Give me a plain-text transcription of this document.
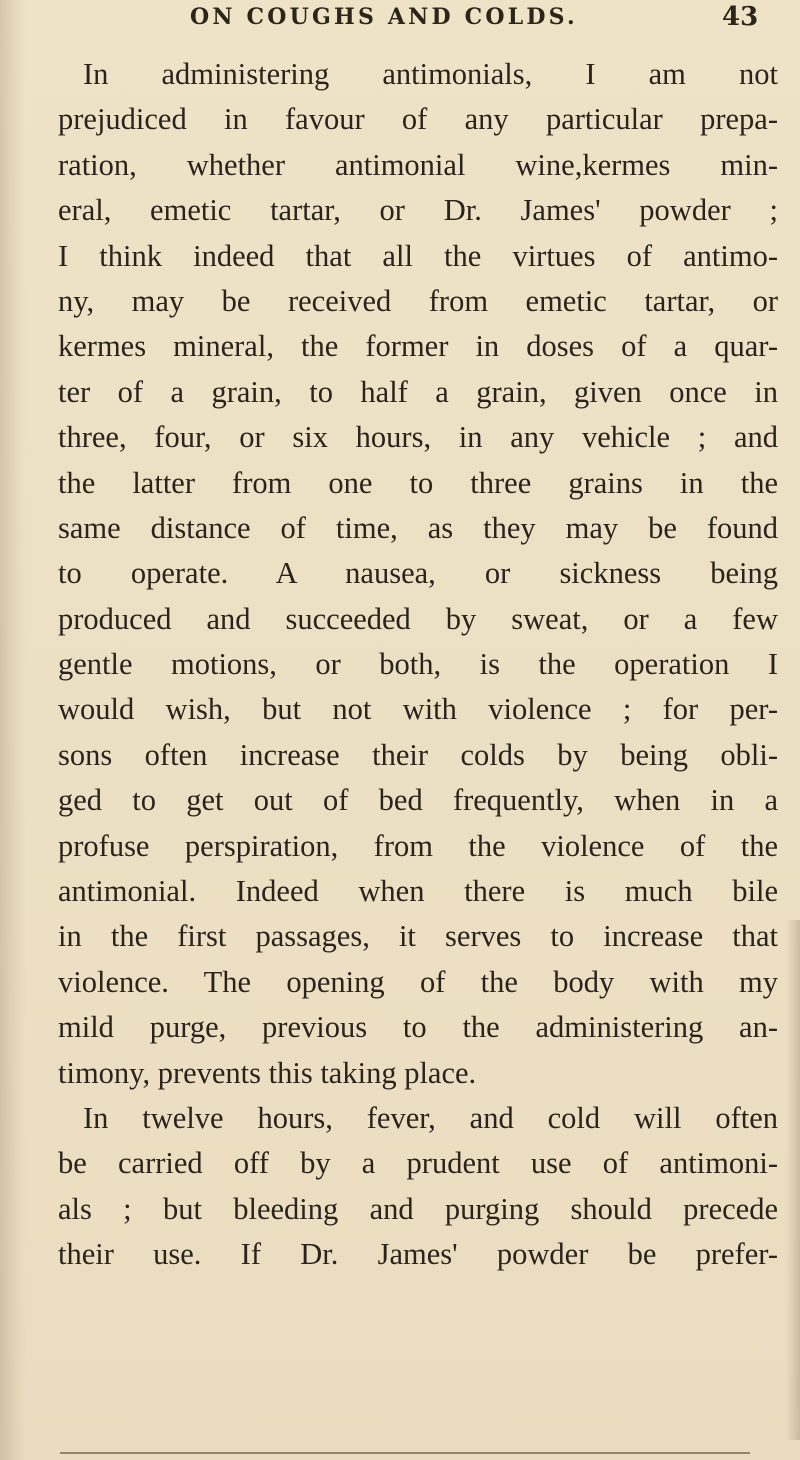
ON COUGHS AND COLDS.	43
In administering antimonials, I am not
prejudiced in favour of any particular prepa-
ration, whether antimonial wine,kermes min-
eral, emetic tartar, or Dr. James' powder ;
I think indeed that all the virtues of antimo-
ny, may be received from emetic tartar, or
kermes mineral, the former in doses of a quar-
ter of a grain, to half a grain, given once in
three, four, or six hours, in any vehicle ; and
the latter from one to three grains in the
same distance of time, as they may be found
to operate. A nausea, or sickness being
produced and succeeded by sweat, or a few
gentle motions, or both, is the operation I
would wish, but not with violence ; for per-
sons often increase their colds by being obli-
ged to get out of bed frequently, when in a
profuse perspiration, from the violence of the
antimonial. Indeed when there is much bile
in the first passages, it serves to increase that
violence. The opening of the body with my
mild purge, previous to the administering an-
timony, prevents this taking place.
In twelve hours, fever, and cold will often
be carried off by a prudent use of antimoni-
als ; but bleeding and purging should precede
their use. If Dr. James' powder be prefer-
